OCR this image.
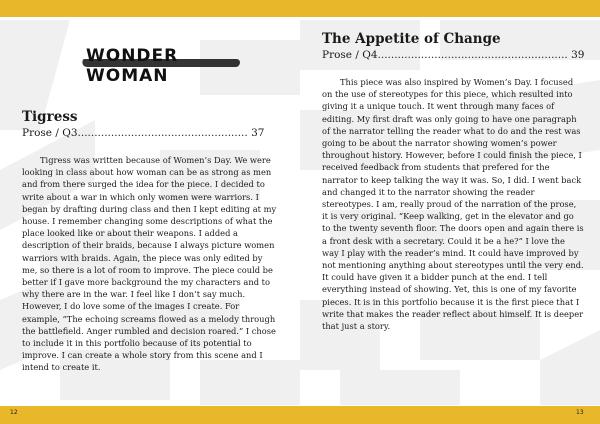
WONDER WOMAN
Tigress

Prose / Q3................................................... 37

Tigress was written because of Women’s Day. We were looking in class about how woman can be as strong as men and from there surged the idea for the piece. I decided to write about a war in which only women were warriors. I began by drafting during class and then I kept editing at my house. I remember changing some descriptions of what the place looked like or about their weapons. I added a description of their braids, because I always picture women warriors with braids. Again, the piece was only edited by me, so there is a lot of room to improve. The piece could be better if I gave more background the my characters and to why there are in the war. I feel like I don’t say much. However, I do love some of the images I create. For example, “The echoing screams flowed as a melody through the battlefield. Anger rumbled and decision roared.” I chose to include it in this portfolio because of its potential to improve. I can create a whole story from this scene and I intend to create it.

The Appetite of Change

Prose / Q4......................................................... 39

This piece was also inspired by Women’s Day. I focused on the use of stereotypes for this piece, which resulted into giving it a unique touch. It went through many faces of editing. My first draft was only going to have one paragraph of the narrator telling the reader what to do and the rest was going to be about the narrator showing women’s power throughout history. However, before I could finish the piece, I received feedback from students that prefered for the narrator to keep talking the way it was. So, I did. I went back and changed it to the narrator showing the reader stereotypes. I am, really proud of the narration of the prose, it is very original. “Keep walking, get in the elevator and go to the twenty seventh floor. The doors open and again there is a front desk with a secretary. Could it be a he?” I love the way I play with the reader’s mind. It could have improved by not mentioning anything about stereotypes until the very end. It could have given it a bidder punch at the end. I tell everything instead of showing. Yet, this is one of my favorite pieces. It is in this portfolio because it is the first piece that I write that makes the reader reflect about himself. It is deeper that just a story.

12	13
